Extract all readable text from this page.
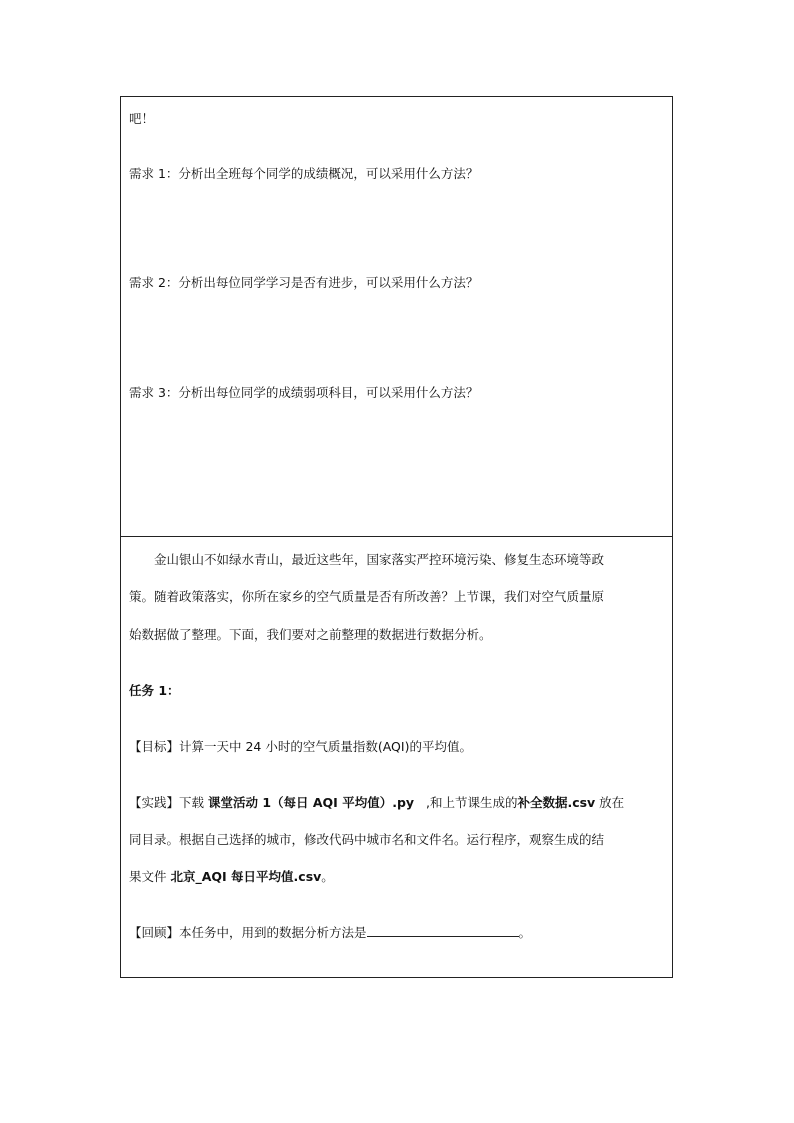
吧！
需求 1：分析出全班每个同学的成绩概况，可以采用什么方法？
需求 2：分析出每位同学学习是否有进步，可以采用什么方法？
需求 3：分析出每位同学的成绩弱项科目，可以采用什么方法？
　　金山银山不如绿水青山，最近这些年，国家落实严控环境污染、修复生态环境等政
策。随着政策落实，你所在家乡的空气质量是否有所改善？上节课，我们对空气质量原
始数据做了整理。下面，我们要对之前整理的数据进行数据分析。
任务 1：
【目标】计算一天中 24 小时的空气质量指数(AQI)的平均值。
【实践】下载 课堂活动 1（每日 AQI 平均值）.py   ,和上节课生成的补全数据.csv 放在
同目录。根据自己选择的城市，修改代码中城市名和文件名。运行程序，观察生成的结
果文件 北京_AQI 每日平均值.csv。
【回顾】本任务中，用到的数据分析方法是	。
